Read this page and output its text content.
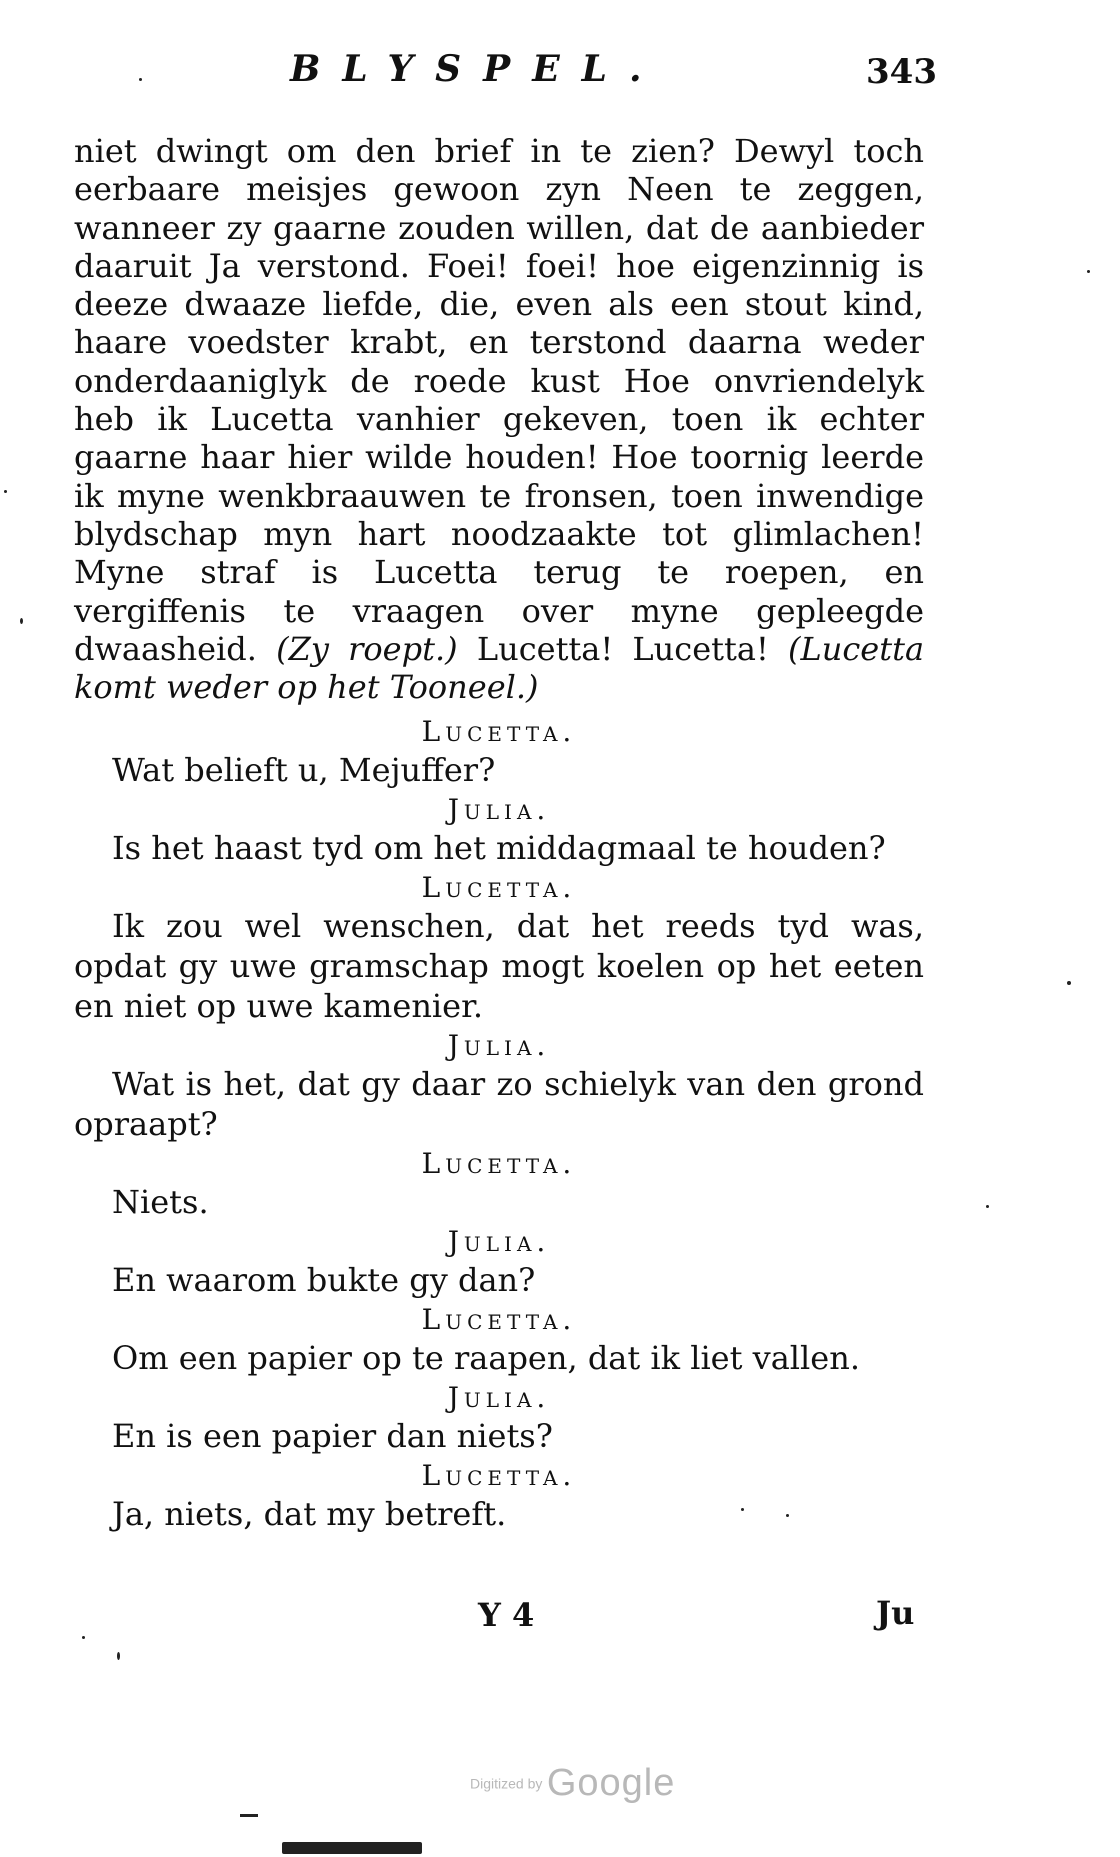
BLYSPEL.	343

niet dwingt om den brief in te zien? Dewyl toch eerbaare meisjes gewoon zyn Neen te zeggen, wanneer zy gaarne zouden willen, dat de aanbieder daaruit Ja verstond. Foei! foei! hoe eigenzinnig is deeze dwaaze liefde, die, even als een stout kind, haare voedster krabt, en terstond daarna weder onderdaaniglyk de roede kust Hoe onvriendelyk heb ik Lucetta vanhier gekeven, toen ik echter gaarne haar hier wilde houden! Hoe toornig leerde ik myne wenkbraauwen te fronsen, toen inwendige blydschap myn hart noodzaakte tot glimlachen! Myne straf is Lucetta terug te roepen, en vergiffenis te vraagen over myne gepleegde dwaasheid. (Zy roept.) Lucetta! Lucetta! (Lucetta komt weder op het Tooneel.)

Lucetta.

Wat belieft u, Mejuffer?

Julia.

Is het haast tyd om het middagmaal te houden?

Lucetta.

Ik zou wel wenschen, dat het reeds tyd was, opdat gy uwe gramschap mogt koelen op het eeten en niet op uwe kamenier.

Julia.

Wat is het, dat gy daar zo schielyk van den grond opraapt?

Lucetta.

Niets.

Julia.

En waarom bukte gy dan?

Lucetta.

Om een papier op te raapen, dat ik liet vallen.

Julia.

En is een papier dan niets?

Lucetta.

Ja, niets, dat my betreft.

Y 4	Ju
Digitized by Google
